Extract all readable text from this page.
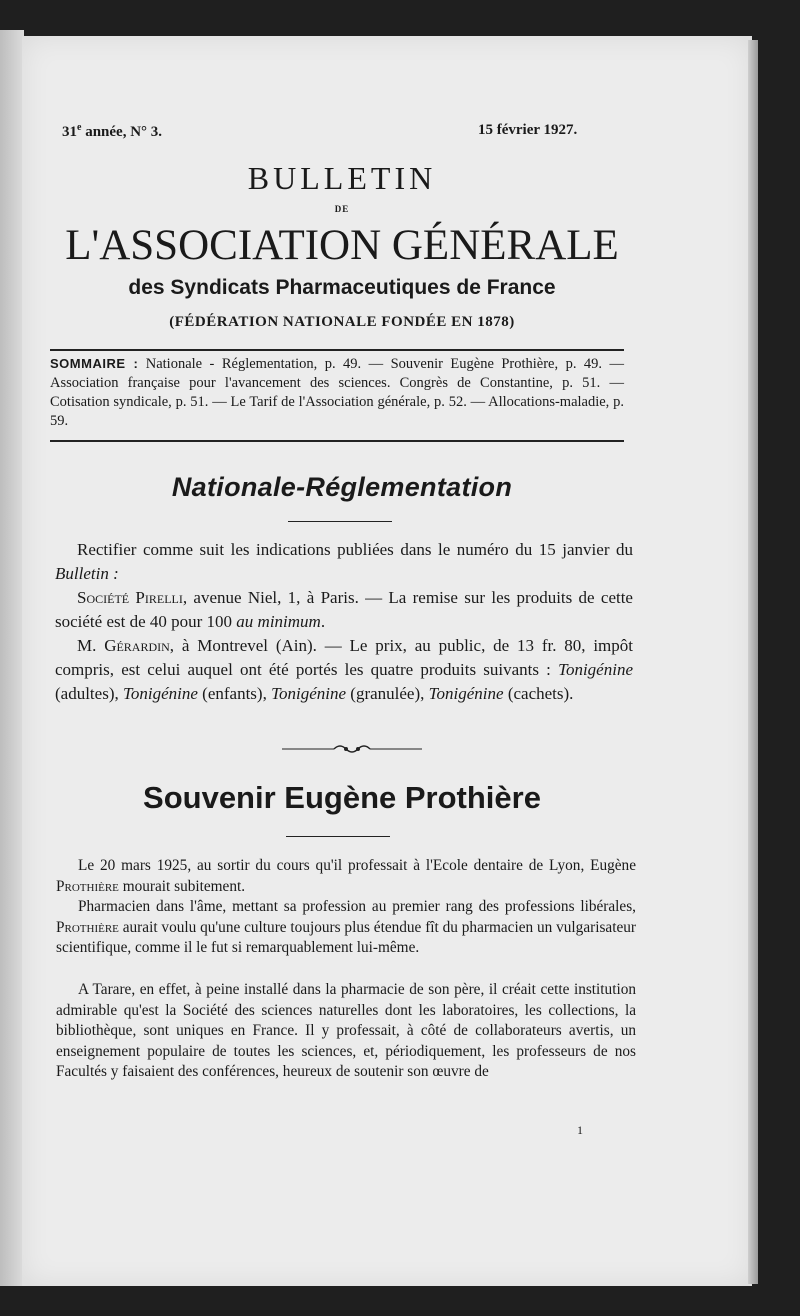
31e année, N° 3.	15 février 1927.
BULLETIN
DE
L'ASSOCIATION GÉNÉRALE
des Syndicats Pharmaceutiques de France
(FÉDÉRATION NATIONALE FONDÉE EN 1878)
SOMMAIRE : Nationale - Réglementation, p. 49. — Souvenir Eugène Prothière, p. 49. — Association française pour l'avancement des sciences. Congrès de Constantine, p. 51. — Cotisation syndicale, p. 51. — Le Tarif de l'Association générale, p. 52. — Allocations-maladie, p. 59.
Nationale-Réglementation
Rectifier comme suit les indications publiées dans le numéro du 15 janvier du Bulletin :
Société Pirelli, avenue Niel, 1, à Paris. — La remise sur les produits de cette société est de 40 pour 100 au minimum.
M. Gérardin, à Montrevel (Ain). — Le prix, au public, de 13 fr. 80, impôt compris, est celui auquel ont été portés les quatre produits suivants : Tonigénine (adultes), Tonigénine (enfants), Tonigénine (granulée), Tonigénine (cachets).
Souvenir Eugène Prothière
Le 20 mars 1925, au sortir du cours qu'il professait à l'Ecole dentaire de Lyon, Eugène Prothière mourait subitement.
Pharmacien dans l'âme, mettant sa profession au premier rang des professions libérales, Prothière aurait voulu qu'une culture toujours plus étendue fît du pharmacien un vulgarisateur scientifique, comme il le fut si remarquablement lui-même.
A Tarare, en effet, à peine installé dans la pharmacie de son père, il créait cette institution admirable qu'est la Société des sciences naturelles dont les laboratoires, les collections, la bibliothèque, sont uniques en France. Il y professait, à côté de collaborateurs avertis, un enseignement populaire de toutes les sciences, et, périodiquement, les professeurs de nos Facultés y faisaient des conférences, heureux de soutenir son œuvre de
1
